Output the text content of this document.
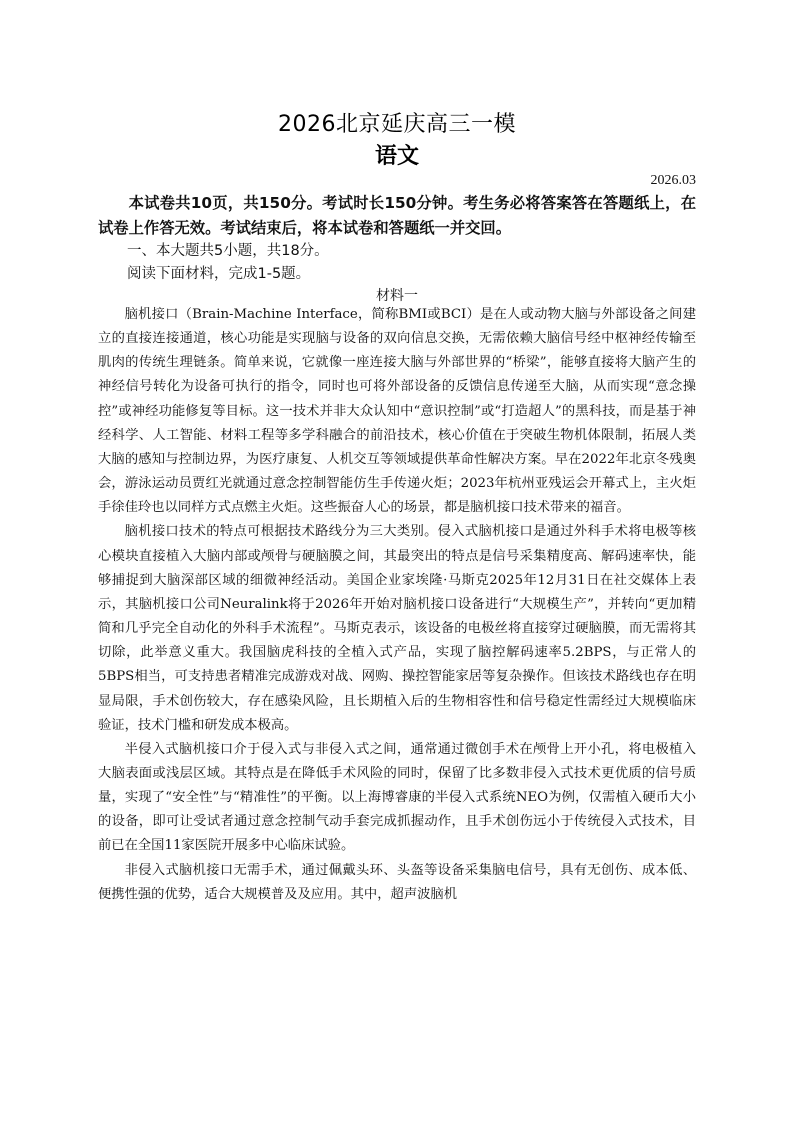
2026北京延庆高三一模
语文
2026.03
本试卷共10页，共150分。考试时长150分钟。考生务必将答案答在答题纸上，在试卷上作答无效。考试结束后，将本试卷和答题纸一并交回。
一、本大题共5小题，共18分。
阅读下面材料，完成1-5题。
材料一

脑机接口（Brain-Machine Interface，简称BMI或BCI）是在人或动物大脑与外部设备之间建立的直接连接通道，核心功能是实现脑与设备的双向信息交换，无需依赖大脑信号经中枢神经传输至肌肉的传统生理链条。简单来说，它就像一座连接大脑与外部世界的“桥梁”，能够直接将大脑产生的神经信号转化为设备可执行的指令，同时也可将外部设备的反馈信息传递至大脑，从而实现“意念操控”或神经功能修复等目标。这一技术并非大众认知中“意识控制”或“打造超人”的黑科技，而是基于神经科学、人工智能、材料工程等多学科融合的前沿技术，核心价值在于突破生物机体限制，拓展人类大脑的感知与控制边界，为医疗康复、人机交互等领域提供革命性解决方案。早在2022年北京冬残奥会，游泳运动员贾红光就通过意念控制智能仿生手传递火炬；2023年杭州亚残运会开幕式上，主火炬手徐佳玲也以同样方式点燃主火炬。这些振奋人心的场景，都是脑机接口技术带来的福音。

脑机接口技术的特点可根据技术路线分为三大类别。侵入式脑机接口是通过外科手术将电极等核心模块直接植入大脑内部或颅骨与硬脑膜之间，其最突出的特点是信号采集精度高、解码速率快，能够捕捉到大脑深部区域的细微神经活动。美国企业家埃隆·马斯克2025年12月31日在社交媒体上表示，其脑机接口公司Neuralink将于2026年开始对脑机接口设备进行“大规模生产”，并转向“更加精简和几乎完全自动化的外科手术流程”。马斯克表示，该设备的电极丝将直接穿过硬脑膜，而无需将其切除，此举意义重大。我国脑虎科技的全植入式产品，实现了脑控解码速率5.2BPS，与正常人的5BPS相当，可支持患者精准完成游戏对战、网购、操控智能家居等复杂操作。但该技术路线也存在明显局限，手术创伤较大，存在感染风险，且长期植入后的生物相容性和信号稳定性需经过大规模临床验证，技术门槛和研发成本极高。

半侵入式脑机接口介于侵入式与非侵入式之间，通常通过微创手术在颅骨上开小孔，将电极植入大脑表面或浅层区域。其特点是在降低手术风险的同时，保留了比多数非侵入式技术更优质的信号质量，实现了“安全性”与“精准性”的平衡。以上海博睿康的半侵入式系统NEO为例，仅需植入硬币大小的设备，即可让受试者通过意念控制气动手套完成抓握动作，且手术创伤远小于传统侵入式技术，目前已在全国11家医院开展多中心临床试验。

非侵入式脑机接口无需手术，通过佩戴头环、头盔等设备采集脑电信号，具有无创伤、成本低、便携性强的优势，适合大规模普及及应用。其中，超声波脑机
